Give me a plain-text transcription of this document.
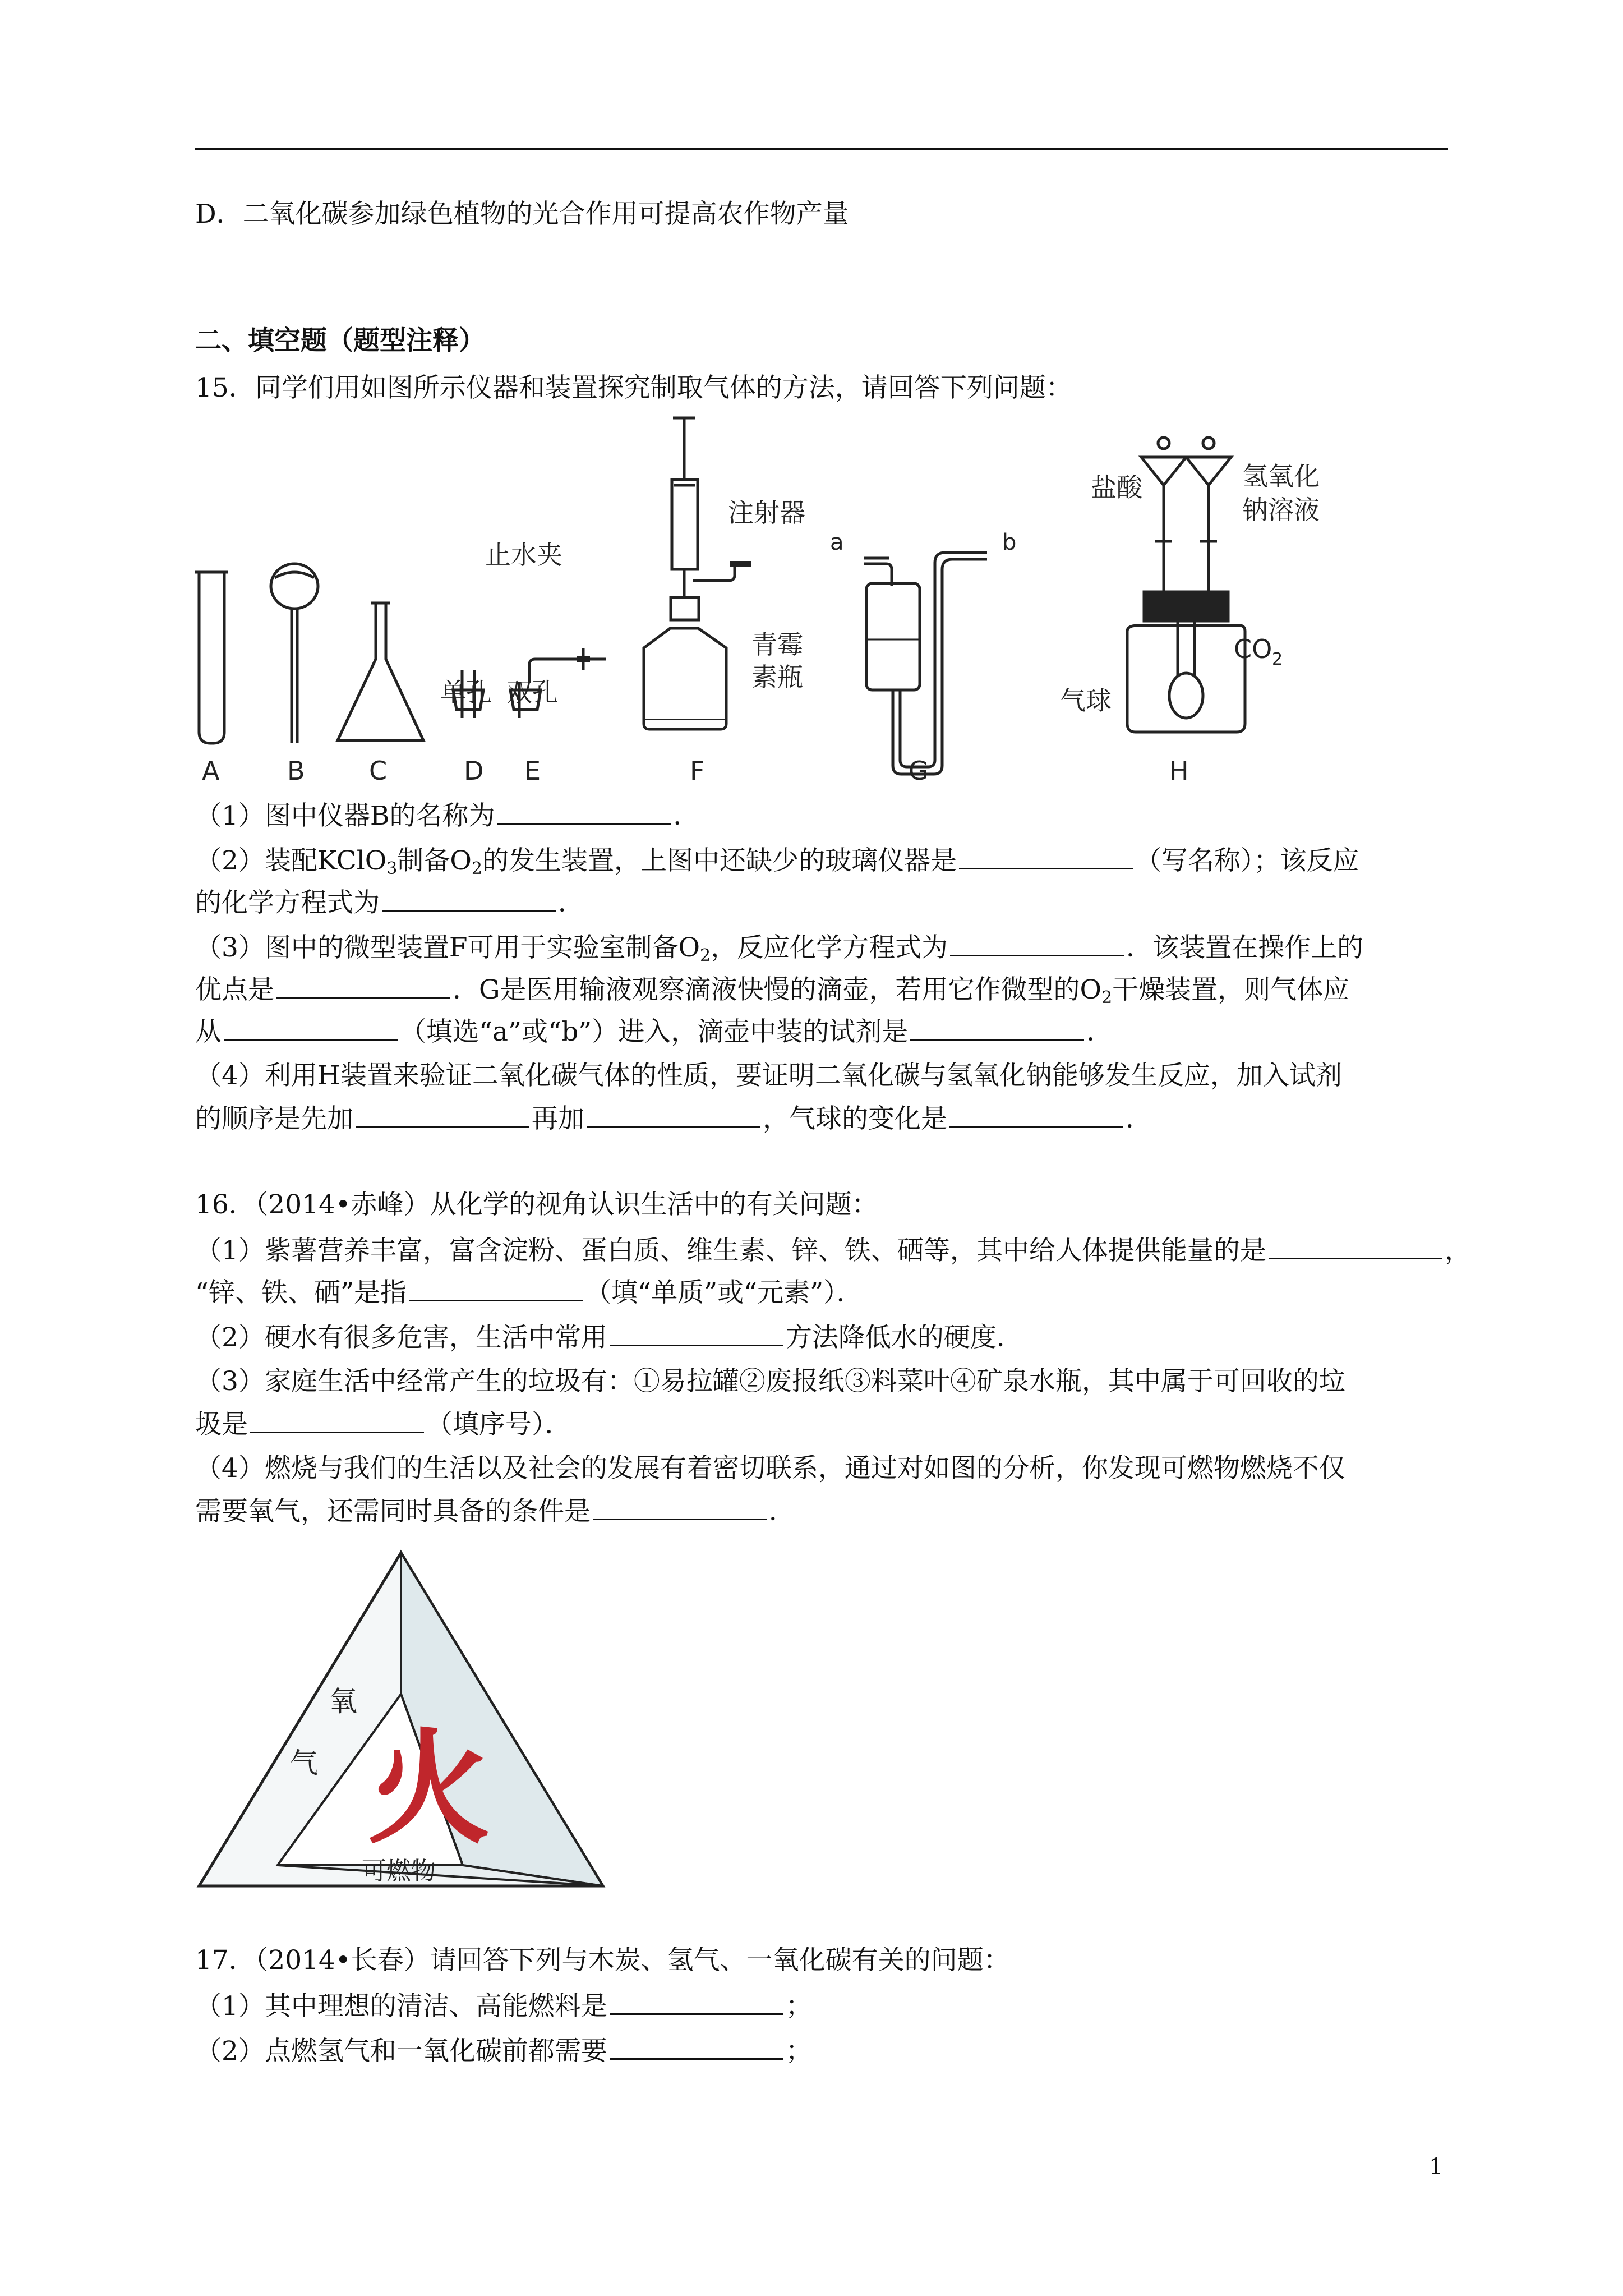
D．二氧化碳参加绿色植物的光合作用可提高农作物产量
二、填空题（题型注释）
15．同学们用如图所示仪器和装置探究制取气体的方法，请回答下列问题：
止水夹
注射器
青霉
素瓶
单孔 双孔
盐酸	氢氧化
钠溶液
CO 2
气球
a	b
A	B C	D E	F	G	H
（1）图中仪器B的名称为	．
（2）装配KClO$_3$制备$O_2$的发生装置，上图中还缺少的玻璃仪器是	（写名称）；该反应
的化学方程式为	．
（3）图中的微型装置F可用于实验室制备$O_2$，反应化学方程式为	．该装置在操作上的
优点是	．G是医用输液观察滴液快慢的滴壶，若用它作微型的$O_2$干燥装置，则气体应
从	（填选“a”或“b”）进入，滴壶中装的试剂是	．
（4）利用H装置来验证二氧化碳气体的性质，要证明二氧化碳与氢氧化钠能够发生反应，加入试剂
的顺序是先加	再加	，气球的变化是	．
16．（2014•赤峰）从化学的视角认识生活中的有关问题：
（1）紫薯营养丰富，富含淀粉、蛋白质、维生素、锌、铁、硒等，其中给人体提供能量的是	，
“锌、铁、硒”是指	（填“单质”或“元素”）．
（2）硬水有很多危害，生活中常用	方法降低水的硬度．
（3）家庭生活中经常产生的垃圾有：①易拉罐②废报纸③料菜叶④矿泉水瓶，其中属于可回收的垃
圾是	（填序号）．
（4）燃烧与我们的生活以及社会的发展有着密切联系，通过对如图的分析，你发现可燃物燃烧不仅
需要氧气，还需同时具备的条件是	．
氧
气 火
可燃物
17．（2014•长春）请回答下列与木炭、氢气、一氧化碳有关的问题：
（1）其中理想的清洁、高能燃料是	；
（2）点燃氢气和一氧化碳前都需要	；
1
